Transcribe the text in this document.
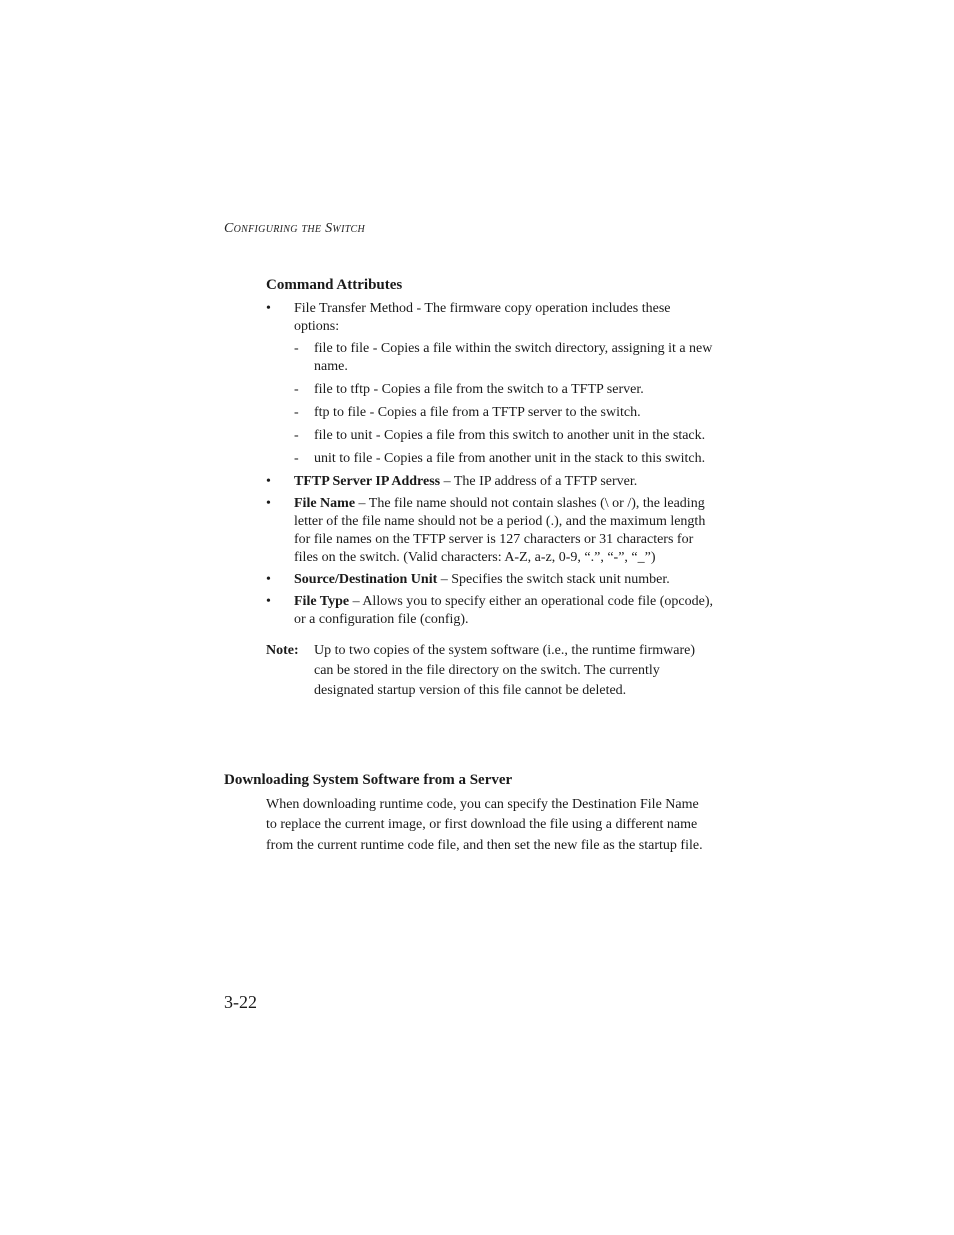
Configuring the Switch
Command Attributes
• File Transfer Method - The firmware copy operation includes these options:
- file to file - Copies a file within the switch directory, assigning it a new name.
- file to tftp - Copies a file from the switch to a TFTP server.
- ftp to file - Copies a file from a TFTP server to the switch.
- file to unit - Copies a file from this switch to another unit in the stack.
- unit to file - Copies a file from another unit in the stack to this switch.
• TFTP Server IP Address – The IP address of a TFTP server.
• File Name – The file name should not contain slashes (\ or /), the leading letter of the file name should not be a period (.), and the maximum length for file names on the TFTP server is 127 characters or 31 characters for files on the switch. (Valid characters: A-Z, a-z, 0-9, “.”, “-”, “_”)
• Source/Destination Unit – Specifies the switch stack unit number.
• File Type – Allows you to specify either an operational code file (opcode), or a configuration file (config).
Note: Up to two copies of the system software (i.e., the runtime firmware) can be stored in the file directory on the switch. The currently designated startup version of this file cannot be deleted.
Downloading System Software from a Server

When downloading runtime code, you can specify the Destination File Name to replace the current image, or first download the file using a different name from the current runtime code file, and then set the new file as the startup file.

3-22
